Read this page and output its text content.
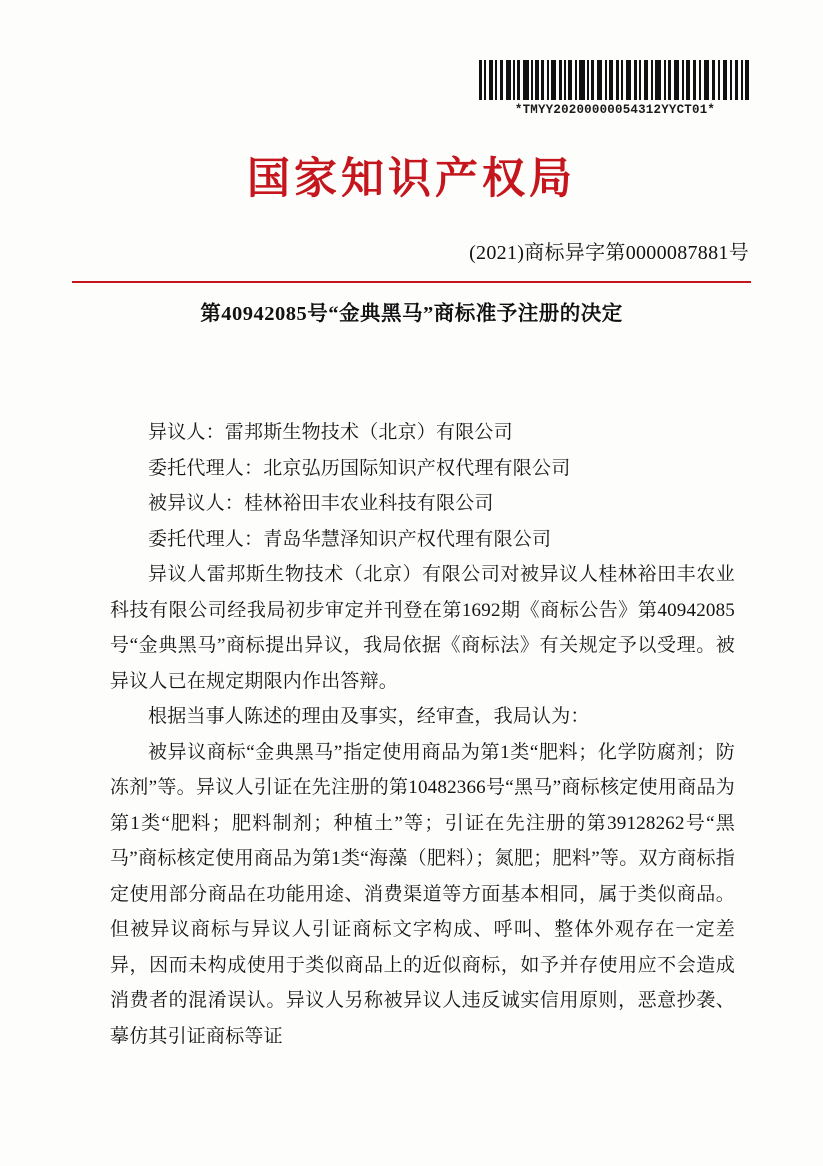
*TMYY20200000054312YYCT01*
国家知识产权局
(2021)商标异字第0000087881号
第40942085号“金典黑马”商标准予注册的决定

异议人：雷邦斯生物技术（北京）有限公司

委托代理人：北京弘历国际知识产权代理有限公司

被异议人：桂林裕田丰农业科技有限公司

委托代理人：青岛华慧泽知识产权代理有限公司

异议人雷邦斯生物技术（北京）有限公司对被异议人桂林裕田丰农业科技有限公司经我局初步审定并刊登在第1692期《商标公告》第40942085号“金典黑马”商标提出异议，我局依据《商标法》有关规定予以受理。被异议人已在规定期限内作出答辩。

根据当事人陈述的理由及事实，经审查，我局认为：

被异议商标“金典黑马”指定使用商品为第1类“肥料；化学防腐剂；防冻剂”等。异议人引证在先注册的第10482366号“黑马”商标核定使用商品为第1类“肥料；肥料制剂；种植土”等；引证在先注册的第39128262号“黑马”商标核定使用商品为第1类“海藻（肥料）；氮肥；肥料”等。双方商标指定使用部分商品在功能用途、消费渠道等方面基本相同，属于类似商品。但被异议商标与异议人引证商标文字构成、呼叫、整体外观存在一定差异，因而未构成使用于类似商品上的近似商标，如予并存使用应不会造成消费者的混淆误认。异议人另称被异议人违反诚实信用原则，恶意抄袭、摹仿其引证商标等证
